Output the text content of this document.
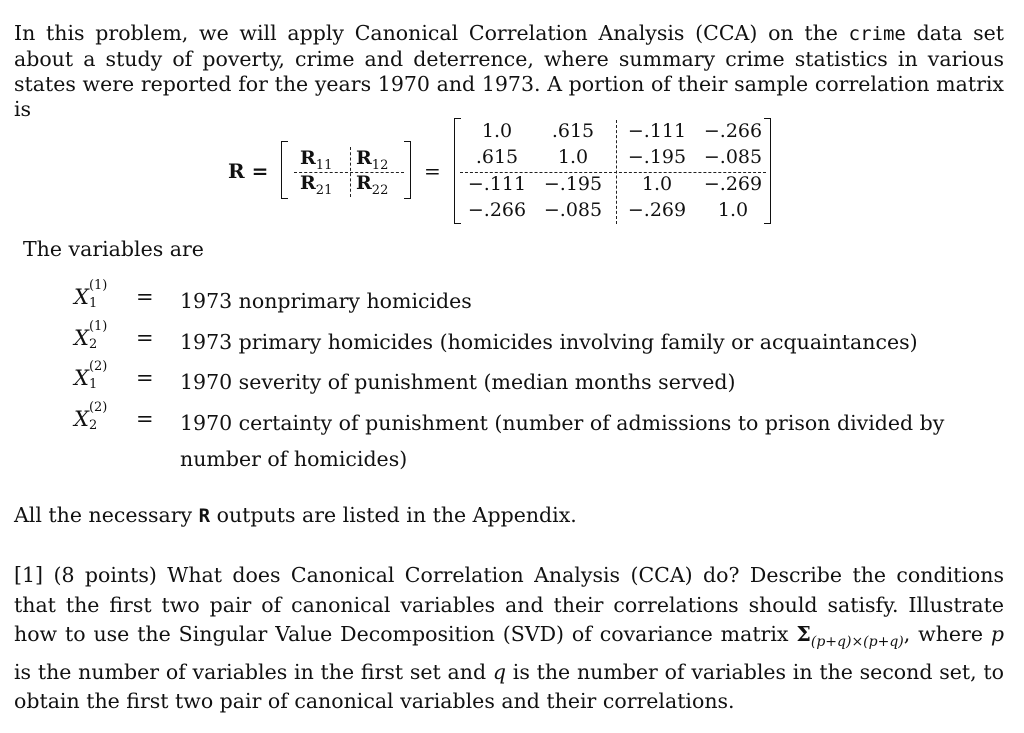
In this problem, we will apply Canonical Correlation Analysis (CCA) on the crime data set about a study of poverty, crime and deterrence, where summary crime statistics in various states were reported for the years 1970 and 1973. A portion of their sample correlation matrix is
R =
$R_{11}$ $R_{12}$
$R_{21}$ $R_{22}$
=
1.0	.615	−.111 −.266
.615	1.0	−.195 −.085
−.111 −.195	1.0	−.269
−.266 −.085	−.269	1.0
The variables are
X (1)
1 = 1973 nonprimary homicides
X (1)
2 = 1973 primary homicides (homicides involving family or acquaintances)
X (2)
1 = 1970 severity of punishment (median months served)
X (2)
2 = 1970 certainty of punishment (number of admissions to prison divided by
number of homicides)
All the necessary R outputs are listed in the Appendix.
[1] (8 points) What does Canonical Correlation Analysis (CCA) do? Describe the conditions that the first two pair of canonical variables and their correlations should satisfy. Illustrate how to use the Singular Value Decomposition (SVD) of covariance matrix $\Sigma_{(p+q)\times(p+q)}$, where p is the number of variables in the first set and q is the number of variables in the second set, to obtain the first two pair of canonical variables and their correlations.
